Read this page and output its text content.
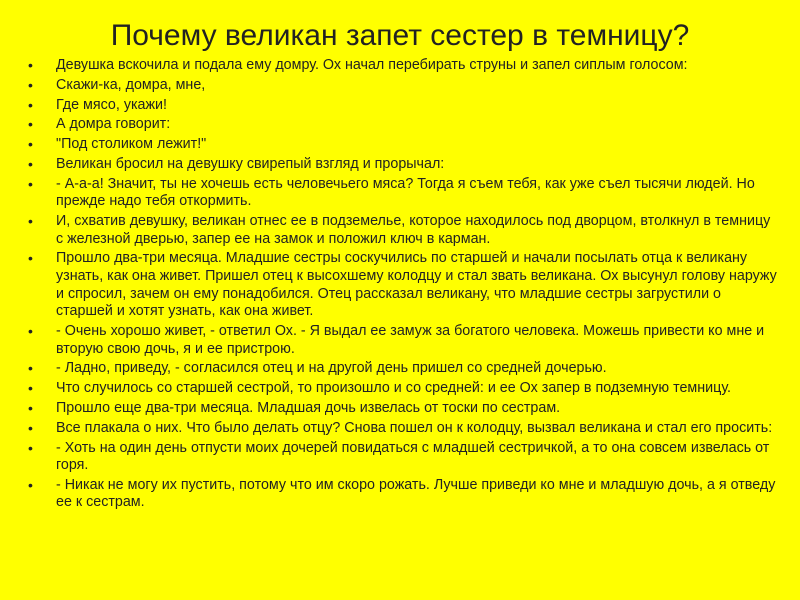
Почему великан запет сестер в темницу?
• Девушка вскочила и подала ему домру. Ох начал перебирать струны и запел сиплым голосом:
• Скажи-ка, домра, мне,
• Где мясо, укажи!
• А домра говорит:
• "Под столиком лежит!"
• Великан бросил на девушку свирепый взгляд и прорычал:
• - А-а-а! Значит, ты не хочешь есть человечьего мяса? Тогда я съем тебя, как уже съел тысячи людей. Но прежде надо тебя откормить.
• И, схватив девушку, великан отнес ее в подземелье, которое находилось под дворцом, втолкнул в темницу с железной дверью, запер ее на замок и положил ключ в карман.
• Прошло два-три месяца. Младшие сестры соскучились по старшей и начали посылать отца к великану узнать, как она живет. Пришел отец к высохшему колодцу и стал звать великана. Ох высунул голову наружу и спросил, зачем он ему понадобился. Отец рассказал великану, что младшие сестры загрустили о старшей и хотят узнать, как она живет.
• - Очень хорошо живет, - ответил Ох. - Я выдал ее замуж за богатого человека. Можешь привести ко мне и вторую свою дочь, я и ее пристрою.
• - Ладно, приведу, - согласился отец и на другой день пришел со средней дочерью.
• Что случилось со старшей сестрой, то произошло и со средней: и ее Ох запер в подземную темницу.
• Прошло еще два-три месяца. Младшая дочь извелась от тоски по сестрам.
• Все плакала о них. Что было делать отцу? Снова пошел он к колодцу, вызвал великана и стал его просить:
• - Хоть на один день отпусти моих дочерей повидаться с младшей сестричкой, а то она совсем извелась от горя.
• - Никак не могу их пустить, потому что им скоро рожать. Лучше приведи ко мне и младшую дочь, а я отведу ее к сестрам.
